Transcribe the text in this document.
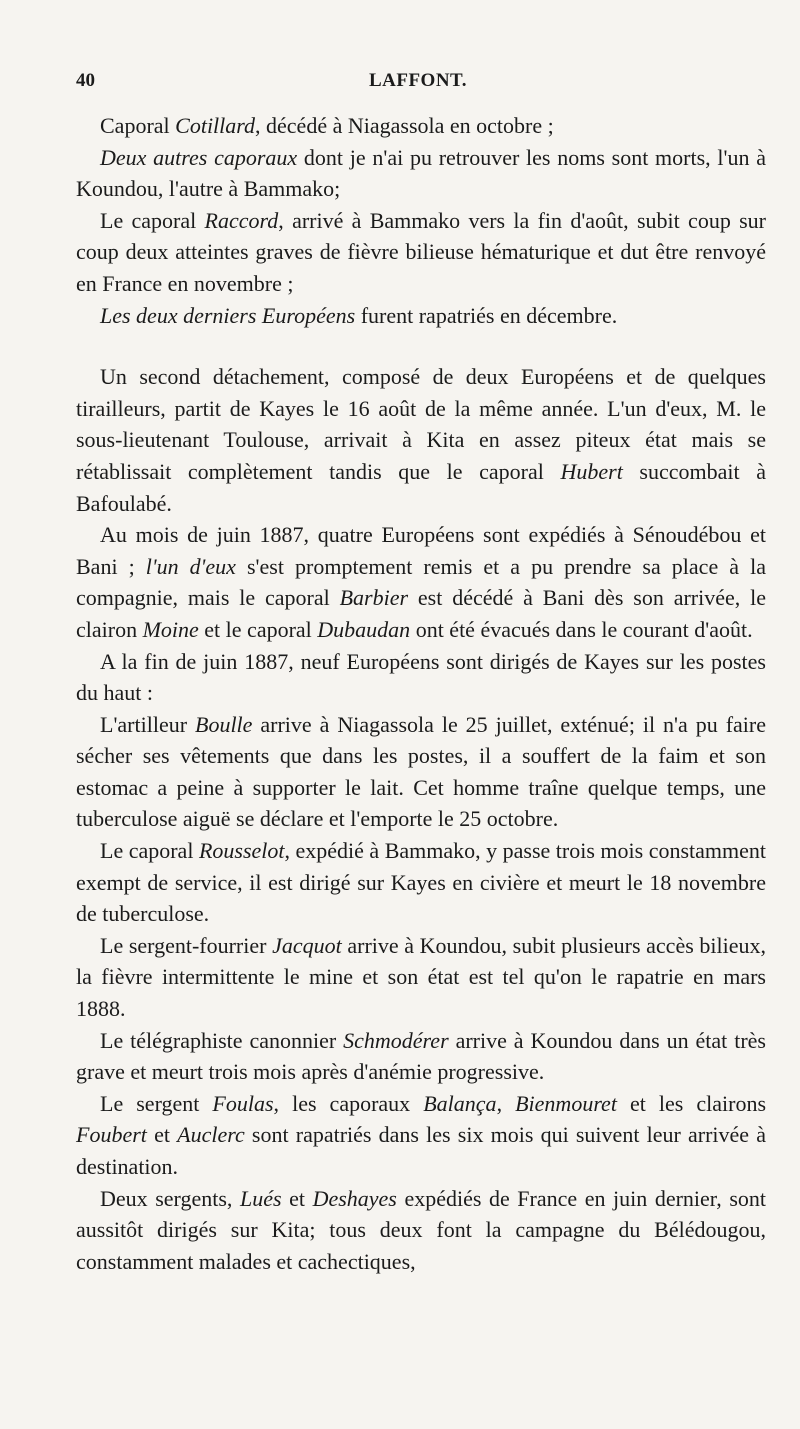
40	LAFFONT.

Caporal Cotillard, décédé à Niagassola en octobre ;

Deux autres caporaux dont je n'ai pu retrouver les noms sont morts, l'un à Koundou, l'autre à Bammako;

Le caporal Raccord, arrivé à Bammako vers la fin d'août, subit coup sur coup deux atteintes graves de fièvre bilieuse hématurique et dut être renvoyé en France en novembre ;

Les deux derniers Européens furent rapatriés en décembre.

Un second détachement, composé de deux Européens et de quelques tirailleurs, partit de Kayes le 16 août de la même année. L'un d'eux, M. le sous-lieutenant Toulouse, arrivait à Kita en assez piteux état mais se rétablissait complètement tandis que le caporal Hubert succombait à Bafoulabé.

Au mois de juin 1887, quatre Européens sont expédiés à Sénoudébou et Bani ; l'un d'eux s'est promptement remis et a pu prendre sa place à la compagnie, mais le caporal Barbier est décédé à Bani dès son arrivée, le clairon Moine et le caporal Dubaudan ont été évacués dans le courant d'août.

A la fin de juin 1887, neuf Européens sont dirigés de Kayes sur les postes du haut :

L'artilleur Boulle arrive à Niagassola le 25 juillet, exténué; il n'a pu faire sécher ses vêtements que dans les postes, il a souffert de la faim et son estomac a peine à supporter le lait. Cet homme traîne quelque temps, une tuberculose aiguë se déclare et l'emporte le 25 octobre.

Le caporal Rousselot, expédié à Bammako, y passe trois mois constamment exempt de service, il est dirigé sur Kayes en civière et meurt le 18 novembre de tuberculose.

Le sergent-fourrier Jacquot arrive à Koundou, subit plusieurs accès bilieux, la fièvre intermittente le mine et son état est tel qu'on le rapatrie en mars 1888.

Le télégraphiste canonnier Schmodérer arrive à Koundou dans un état très grave et meurt trois mois après d'anémie progressive.

Le sergent Foulas, les caporaux Balança, Bienmouret et les clairons Foubert et Auclerc sont rapatriés dans les six mois qui suivent leur arrivée à destination.

Deux sergents, Lués et Deshayes expédiés de France en juin dernier, sont aussitôt dirigés sur Kita; tous deux font la campagne du Bélédougou, constamment malades et cachectiques,
